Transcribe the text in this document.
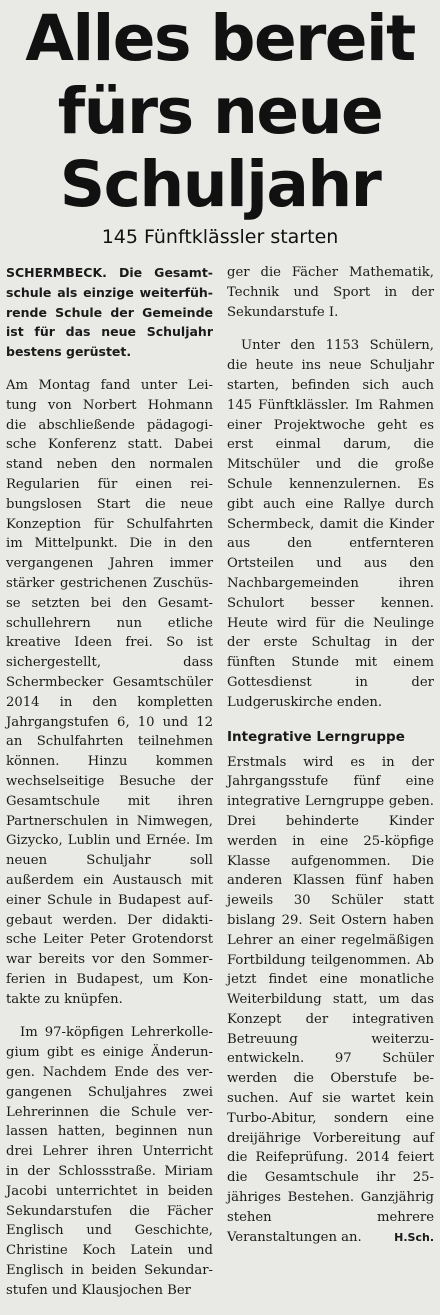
Alles bereit
fürs neue
Schuljahr
145 Fünftklässler starten

SCHERMBECK. Die Gesamtschule als einzige weiterführende Schule der Gemeinde ist für das neue Schuljahr bestens gerüstet.

Am Montag fand unter Leitung von Norbert Hohmann die abschließende pädagogische Konferenz statt. Dabei stand neben den normalen Regularien für einen reibungslosen Start die neue Konzeption für Schulfahrten im Mittelpunkt. Die in den vergangenen Jahren immer stärker gestrichenen Zuschüsse setzten bei den Gesamtschullehrern nun etliche kreative Ideen frei. So ist sichergestellt, dass Schermbecker Gesamtschüler 2014 in den kompletten Jahrgangstufen 6, 10 und 12 an Schulfahrten teilnehmen können. Hinzu kommen wechselseitige Besuche der Gesamtschule mit ihren Partnerschulen in Nimwegen, Gizycko, Lublin und Ernée. Im neuen Schuljahr soll außerdem ein Austausch mit einer Schule in Budapest aufgebaut werden. Der didaktische Leiter Peter Grotendorst war bereits vor den Sommerferien in Budapest, um Kontakte zu knüpfen.

Im 97-köpfigen Lehrerkollegium gibt es einige Änderungen. Nachdem Ende des vergangenen Schuljahres zwei Lehrerinnen die Schule verlassen hatten, beginnen nun drei Lehrer ihren Unterricht in der Schlossstraße. Miriam Jacobi unterrichtet in beiden Sekundarstufen die Fächer Englisch und Geschichte, Christine Koch Latein und Englisch in beiden Sekundarstufen und Klausjochen Ber

ger die Fächer Mathematik, Technik und Sport in der Sekundarstufe I.

Unter den 1153 Schülern, die heute ins neue Schuljahr starten, befinden sich auch 145 Fünftklässler. Im Rahmen einer Projektwoche geht es erst einmal darum, die Mitschüler und die große Schule kennenzulernen. Es gibt auch eine Rallye durch Schermbeck, damit die Kinder aus den entfernteren Ortsteilen und aus den Nachbargemeinden ihren Schulort besser kennen. Heute wird für die Neulinge der erste Schultag in der fünften Stunde mit einem Gottesdienst in der Ludgeruskirche enden.

Integrative Lerngruppe

Erstmals wird es in der Jahrgangsstufe fünf eine integrative Lerngruppe geben. Drei behinderte Kinder werden in eine 25-köpfige Klasse aufgenommen. Die anderen Klassen fünf haben jeweils 30 Schüler statt bislang 29. Seit Ostern haben Lehrer an einer regelmäßigen Fortbildung teilgenommen. Ab jetzt findet eine monatliche Weiterbildung statt, um das Konzept der integrativen Betreuung weiterzuentwickeln. 97 Schüler werden die Oberstufe besuchen. Auf sie wartet kein Turbo-Abitur, sondern eine dreijährige Vorbereitung auf die Reifeprüfung. 2014 feiert die Gesamtschule ihr 25-jähriges Bestehen. Ganzjährig stehen mehrere Veranstaltungen an.	H.Sch.
